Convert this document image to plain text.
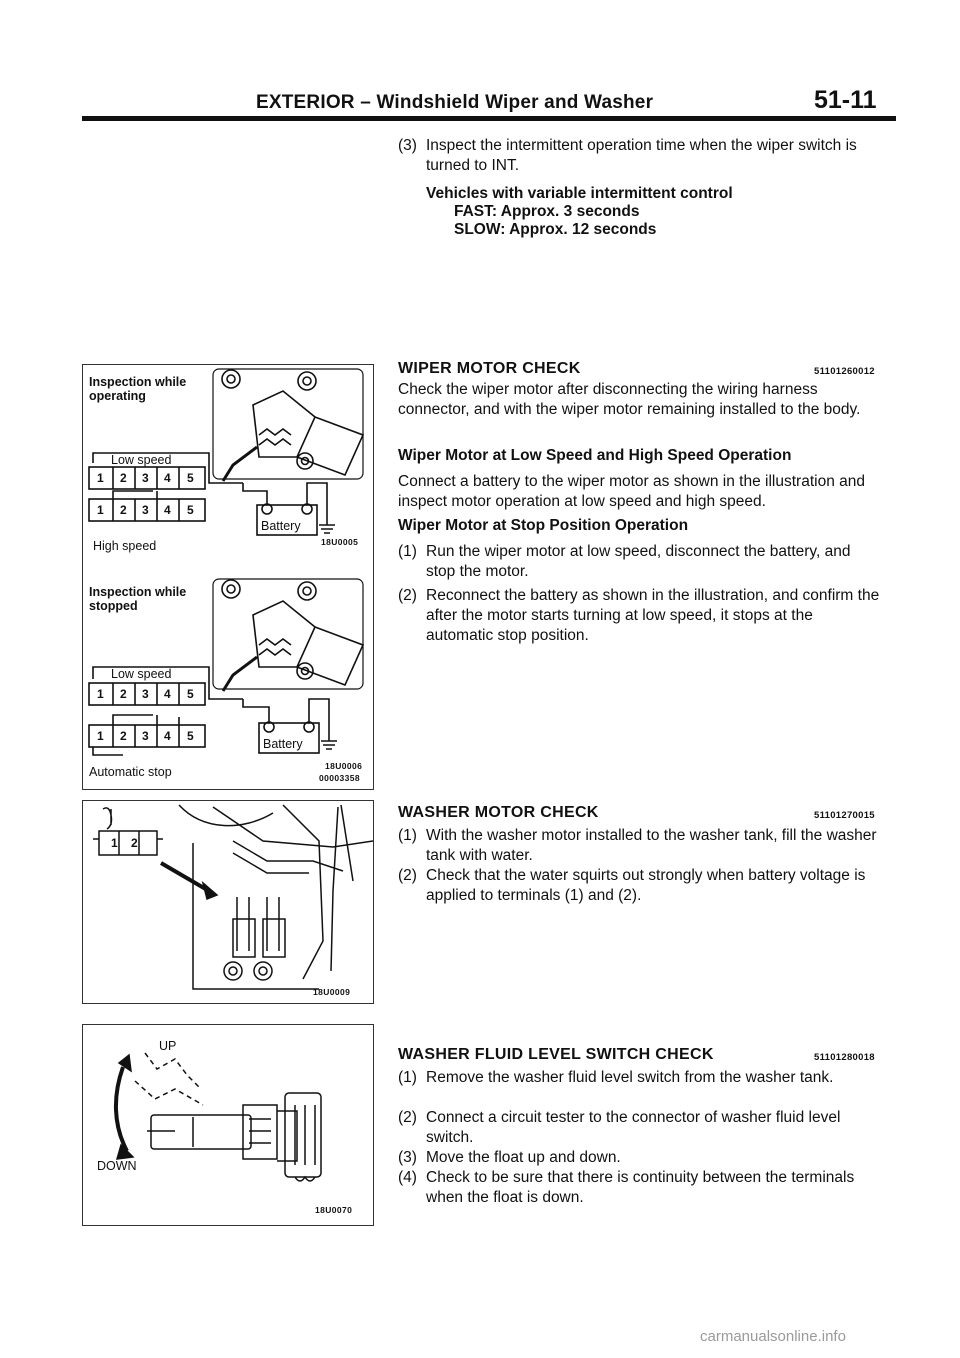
EXTERIOR – Windshield Wiper and Washer	51-11
(3) Inspect the intermittent operation time when the wiper switch is turned to INT.
Vehicles with variable intermittent control
FAST: Approx. 3 seconds
SLOW: Approx. 12 seconds
WIPER MOTOR CHECK	51101260012
Check the wiper motor after disconnecting the wiring harness connector, and with the wiper motor remaining installed to the body.
Wiper Motor at Low Speed and High Speed Operation
Connect a battery to the wiper motor as shown in the illustration and inspect motor operation at low speed and high speed.
Wiper Motor at Stop Position Operation
(1) Run the wiper motor at low speed, disconnect the battery, and stop the motor.
(2) Reconnect the battery as shown in the illustration, and confirm the after the motor starts turning at low speed, it stops at the automatic stop position.
WASHER MOTOR CHECK	51101270015
(1) With the washer motor installed to the washer tank, fill the washer tank with water.
(2) Check that the water squirts out strongly when battery voltage is applied to terminals (1) and (2).
WASHER FLUID LEVEL SWITCH CHECK	51101280018
(1) Remove the washer fluid level switch from the washer tank.
(2) Connect a circuit tester to the connector of washer fluid level switch.
(3) Move the float up and down.
(4) Check to be sure that there is continuity between the terminals when the float is down.
Inspection while operating
Low speed
High speed
Battery
18U0005
Inspection while stopped
Low speed
Automatic stop
Battery
18U0006
00003358
1 2 3 4 5
1 2 3 4 5
1 2 3 4 5
1 2 3 4 5
1 2
18U0009
UP
DOWN
18U0070
carmanualsonline.info
